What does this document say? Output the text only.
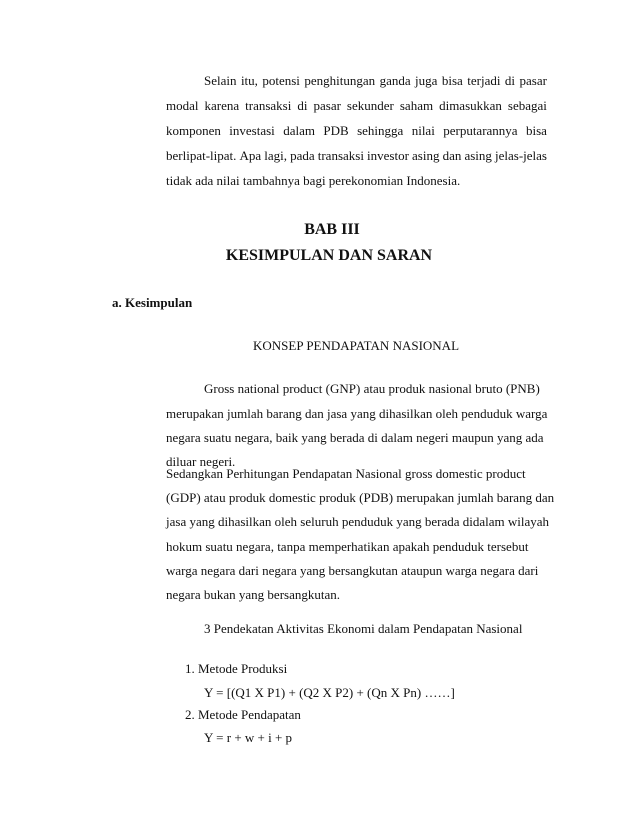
Selain itu, potensi penghitungan ganda juga bisa terjadi di pasar
modal karena transaksi di pasar sekunder saham dimasukkan sebagai
komponen investasi dalam PDB sehingga nilai perputarannya bisa
berlipat-lipat. Apa lagi, pada transaksi investor asing dan asing jelas-jelas
tidak ada nilai tambahnya bagi perekonomian Indonesia.
BAB III
KESIMPULAN DAN SARAN
a. Kesimpulan
KONSEP PENDAPATAN NASIONAL
Gross national product (GNP) atau produk nasional bruto (PNB)
merupakan jumlah barang dan jasa yang dihasilkan oleh penduduk warga
negara suatu negara, baik yang berada di dalam negeri maupun yang ada
diluar negeri.
Sedangkan Perhitungan Pendapatan Nasional gross domestic product
(GDP) atau produk domestic produk (PDB) merupakan jumlah barang dan
jasa yang dihasilkan oleh seluruh penduduk yang berada didalam wilayah
hokum suatu negara, tanpa memperhatikan apakah penduduk tersebut
warga negara dari negara yang bersangkutan ataupun warga negara dari
negara bukan yang bersangkutan.
3 Pendekatan Aktivitas Ekonomi dalam Pendapatan Nasional
1. Metode Produksi
Y = [(Q1 X P1) + (Q2 X P2) + (Qn X Pn) ……]
2. Metode Pendapatan
Y = r + w + i + p
